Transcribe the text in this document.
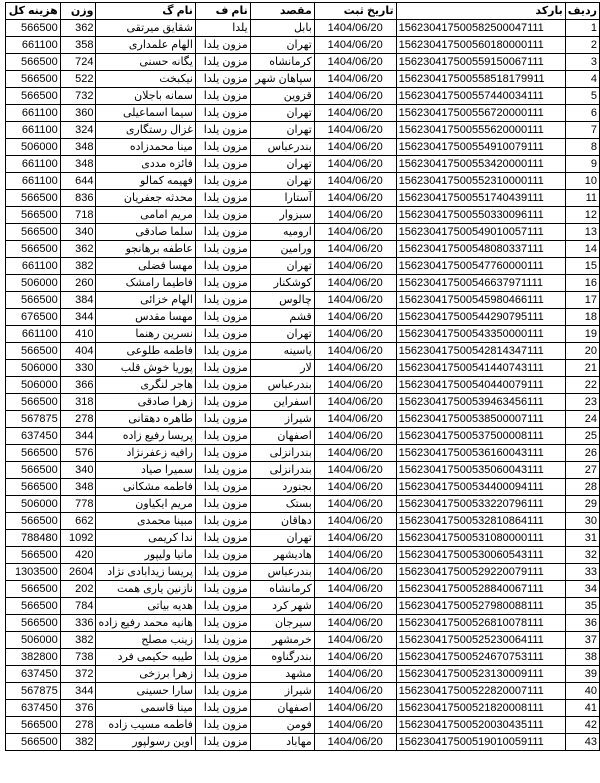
ردیف	بارکد	تاریخ ثبت	مقصد	نام ف	نام گ	وزن	هزینه کل
1	156230417500582500047111	1404/06/20	بابل	یلدا	شقایق میرتقی	362	566500
2	156230417500560180000111	1404/06/20	تهران	مزون یلدا	الهام علمداری	358	661100
3	156230417500559150067111	1404/06/20	کرمانشاه	مزون یلدا	یگانه حسنی	724	566500
4	156230417500558518179911	1404/06/20	سپاهان شهر	مزون یلدا	نیکبخت	522	566500
5	156230417500557440034111	1404/06/20	قزوین	مزون یلدا	سمانه باجلان	732	566500
6	156230417500556720000111	1404/06/20	تهران	مزون یلدا	سیما اسماعیلی	360	661100
7	156230417500555620000111	1404/06/20	تهران	مزون یلدا	غزال رستگاری	324	661100
8	156230417500554910079111	1404/06/20	بندرعباس	مزون یلدا	مینا محمدزاده	348	506000
9	156230417500553420000111	1404/06/20	تهران	مزون یلدا	فائزه مددی	348	661100
10	156230417500552310000111	1404/06/20	تهران	مزون یلدا	فهیمه کمالو	644	661100
11	156230417500551740439111	1404/06/20	آستارا	مزون یلدا	محدثه جعفریان	836	566500
12	156230417500550330096111	1404/06/20	سبزوار	مزون یلدا	مریم امامی	718	566500
13	156230417500549010057111	1404/06/20	ارومیه	مزون یلدا	سلما صادقی	340	566500
14	156230417500548080337111	1404/06/20	ورامین	مزون یلدا	عاطفه برهانجو	362	566500
15	156230417500547760000111	1404/06/20	تهران	مزون یلدا	مهسا فضلی	382	661100
16	156230417500546637971111	1404/06/20	کوشکنار	مزون یلدا	فاطیما رامشک	260	506000
17	156230417500545980466111	1404/06/20	چالوس	مزون یلدا	الهام خزائی	384	566500
18	156230417500544290795111	1404/06/20	قشم	مزون یلدا	مهسا مقدس	344	676500
19	156230417500543350000111	1404/06/20	تهران	مزون یلدا	نسرین رهنما	410	661100
20	156230417500542814347111	1404/06/20	یاسینه	مزون یلدا	فاطمه طلوعی	404	566500
21	156230417500541440743111	1404/06/20	لار	مزون یلدا	پوریا خوش قلب	330	506000
22	156230417500540440079111	1404/06/20	بندرعباس	مزون یلدا	هاجر لنگری	366	506000
23	156230417500539463456111	1404/06/20	اسفراین	مزون یلدا	زهرا صادقی	318	566500
24	156230417500538500007111	1404/06/20	شیراز	مزون یلدا	طاهره دهقانی	278	567875
25	156230417500537500008111	1404/06/20	اصفهان	مزون یلدا	پریسا رفیع زاده	344	637450
26	156230417500536160043111	1404/06/20	بندرانزلی	مزون یلدا	رافیه زعفرنژاد	576	566500
27	156230417500535060043111	1404/06/20	بندرانزلی	مزون یلدا	سمیرا صیاد	340	566500
28	156230417500534400094111	1404/06/20	بجنورد	مزون یلدا	فاطمه مشکانی	348	566500
29	156230417500533220796111	1404/06/20	بستک	مزون یلدا	مریم ایکیاون	778	506000
30	156230417500532810864111	1404/06/20	دهاقان	مزون یلدا	مبینا محمدی	662	566500
31	156230417500531080000111	1404/06/20	تهران	مزون یلدا	ندا کریمی	1092	788480
32	156230417500530060543111	1404/06/20	هادیشهر	مزون یلدا	مانیا ولیپور	420	566500
33	156230417500529220079111	1404/06/20	بندرعباس	مزون یلدا	پریسا زیدابادی نژاد	2604	1303500
34	156230417500528840067111	1404/06/20	کرمانشاه	مزون یلدا	نازنین یاری همت	202	566500
35	156230417500527980088111	1404/06/20	شهر کرد	مزون یلدا	هدیه بیاتی	784	566500
36	156230417500526810078111	1404/06/20	سیرجان	مزون یلدا	هانیه محمد رفیع زاده	336	566500
37	156230417500525230064111	1404/06/20	خرمشهر	مزون یلدا	زینب مصلح	382	506000
38	156230417500524670753111	1404/06/20	بندرگناوه	مزون یلدا	طیبه حکیمی فرد	738	382800
39	156230417500523130009111	1404/06/20	مشهد	مزون یلدا	زهرا برزخی	372	637450
40	156230417500522820007111	1404/06/20	شیراز	مزون یلدا	سارا حسینی	344	567875
41	156230417500521820008111	1404/06/20	اصفهان	مزون یلدا	مینا قاسمی	376	637450
42	156230417500520030435111	1404/06/20	فومن	مزون یلدا	فاطمه مسیب زاده	278	566500
43	156230417500519010059111	1404/06/20	مهاباد	مزون یلدا	اوین رسولپور	382	566500
